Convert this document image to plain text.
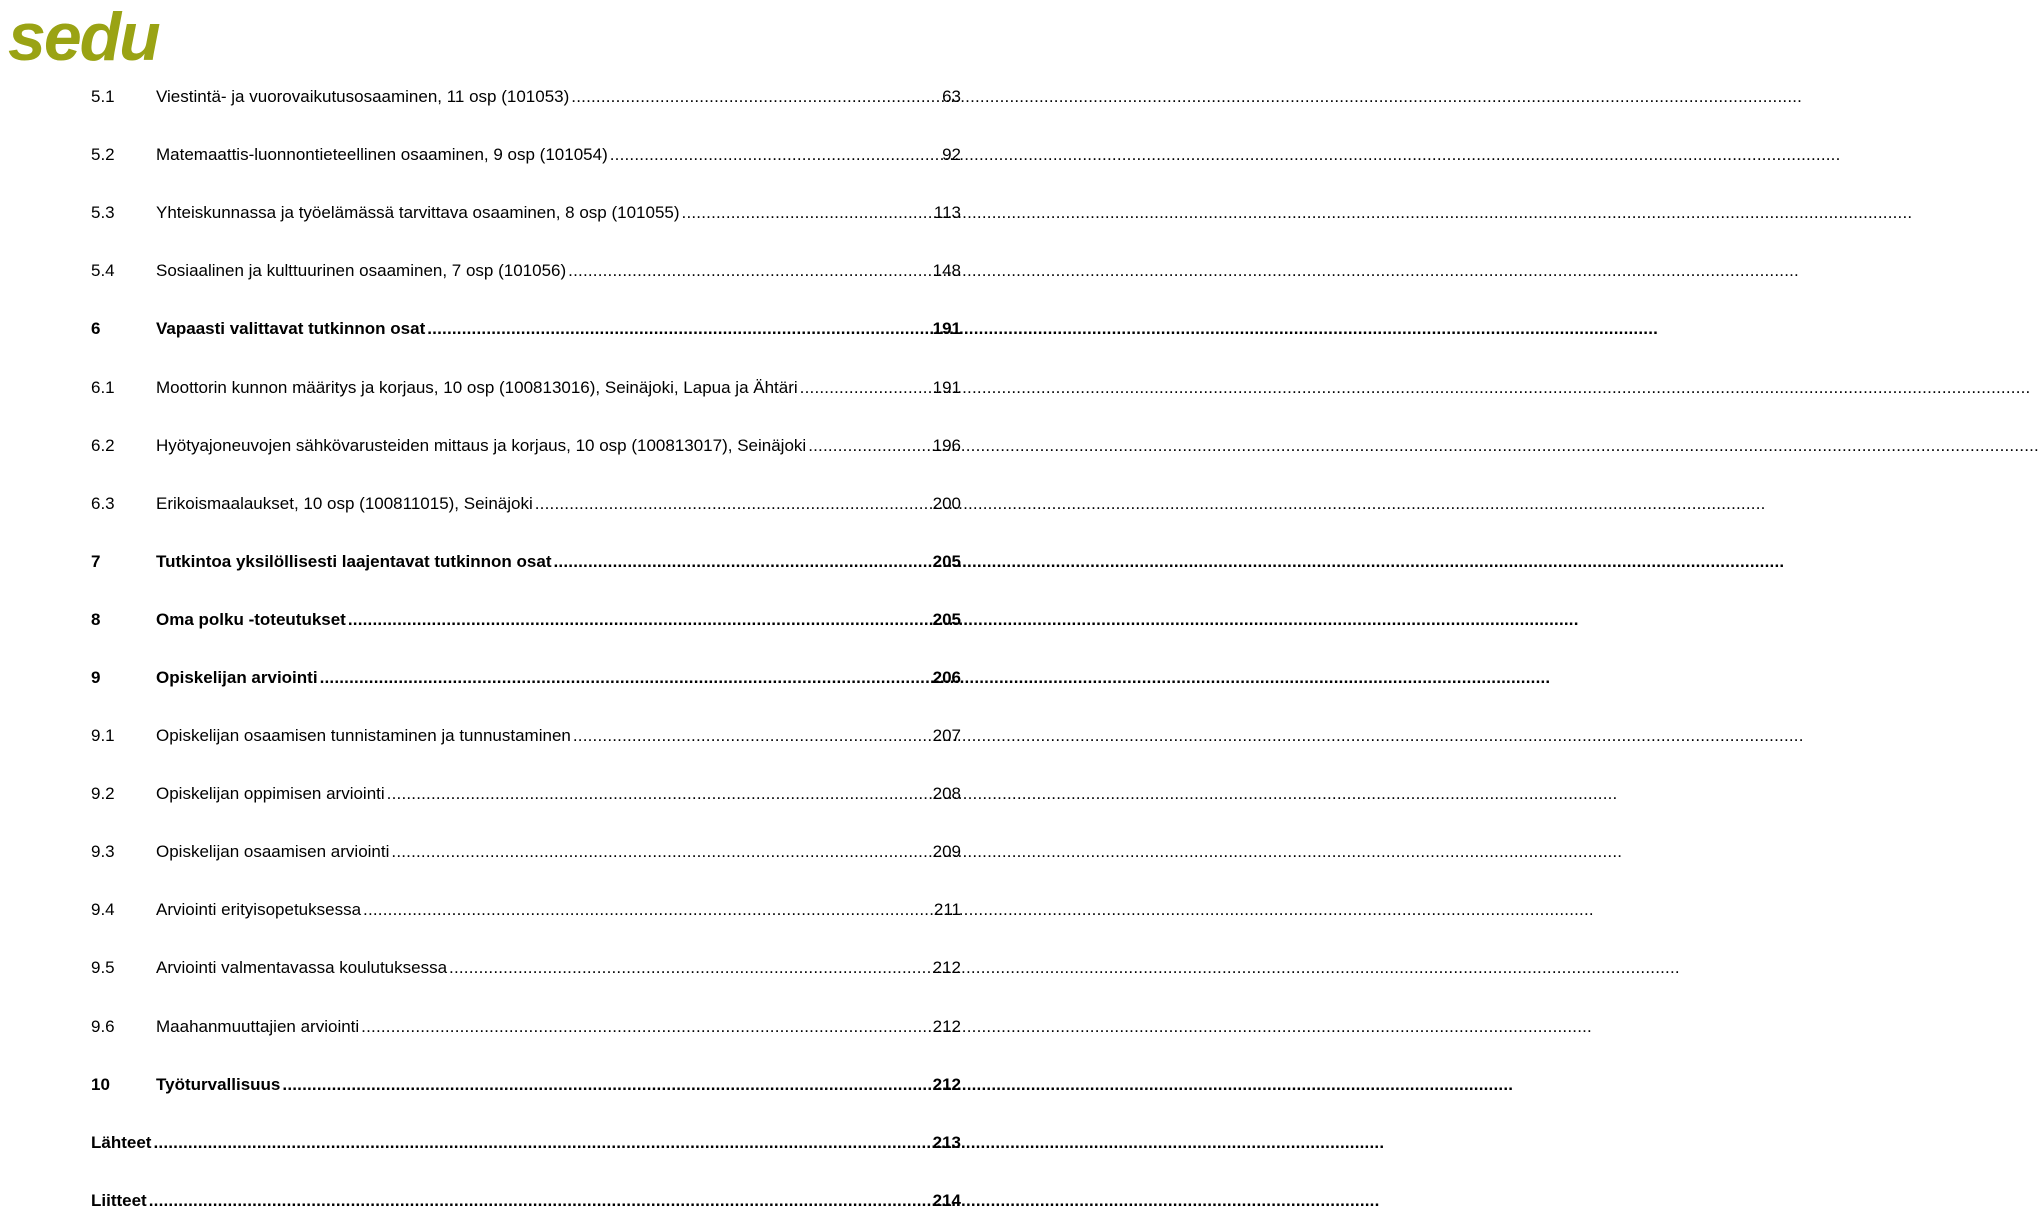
sedu
5.1	Viestintä- ja vuorovaikutusosaaminen, 11 osp (101053) .....	63
5.2	Matemaattis-luonnontieteellinen osaaminen, 9 osp (101054) .....	92
5.3	Yhteiskunnassa ja työelämässä tarvittava osaaminen, 8 osp (101055) .....	113
5.4	Sosiaalinen ja kulttuurinen osaaminen, 7 osp (101056) .....	148
6	Vapaasti valittavat tutkinnon osat .....	191
6.1	Moottorin kunnon määritys ja korjaus, 10 osp (100813016), Seinäjoki, Lapua ja Ähtäri .....	191
6.2	Hyötyajoneuvojen sähkövarusteiden mittaus ja korjaus, 10 osp (100813017), Seinäjoki .....	196
6.3	Erikoismaalaukset, 10 osp (100811015), Seinäjoki .....	200
7	Tutkintoa yksilöllisesti laajentavat tutkinnon osat .....	205
8	Oma polku -toteutukset .....	205
9	Opiskelijan arviointi .....	206
9.1	Opiskelijan osaamisen tunnistaminen ja tunnustaminen .....	207
9.2	Opiskelijan oppimisen arviointi .....	208
9.3	Opiskelijan osaamisen arviointi .....	209
9.4	Arviointi erityisopetuksessa .....	211
9.5	Arviointi valmentavassa koulutuksessa .....	212
9.6	Maahanmuuttajien arviointi .....	212
10	Työturvallisuus .....	212
Lähteet .....	213
Liitteet .....	214
